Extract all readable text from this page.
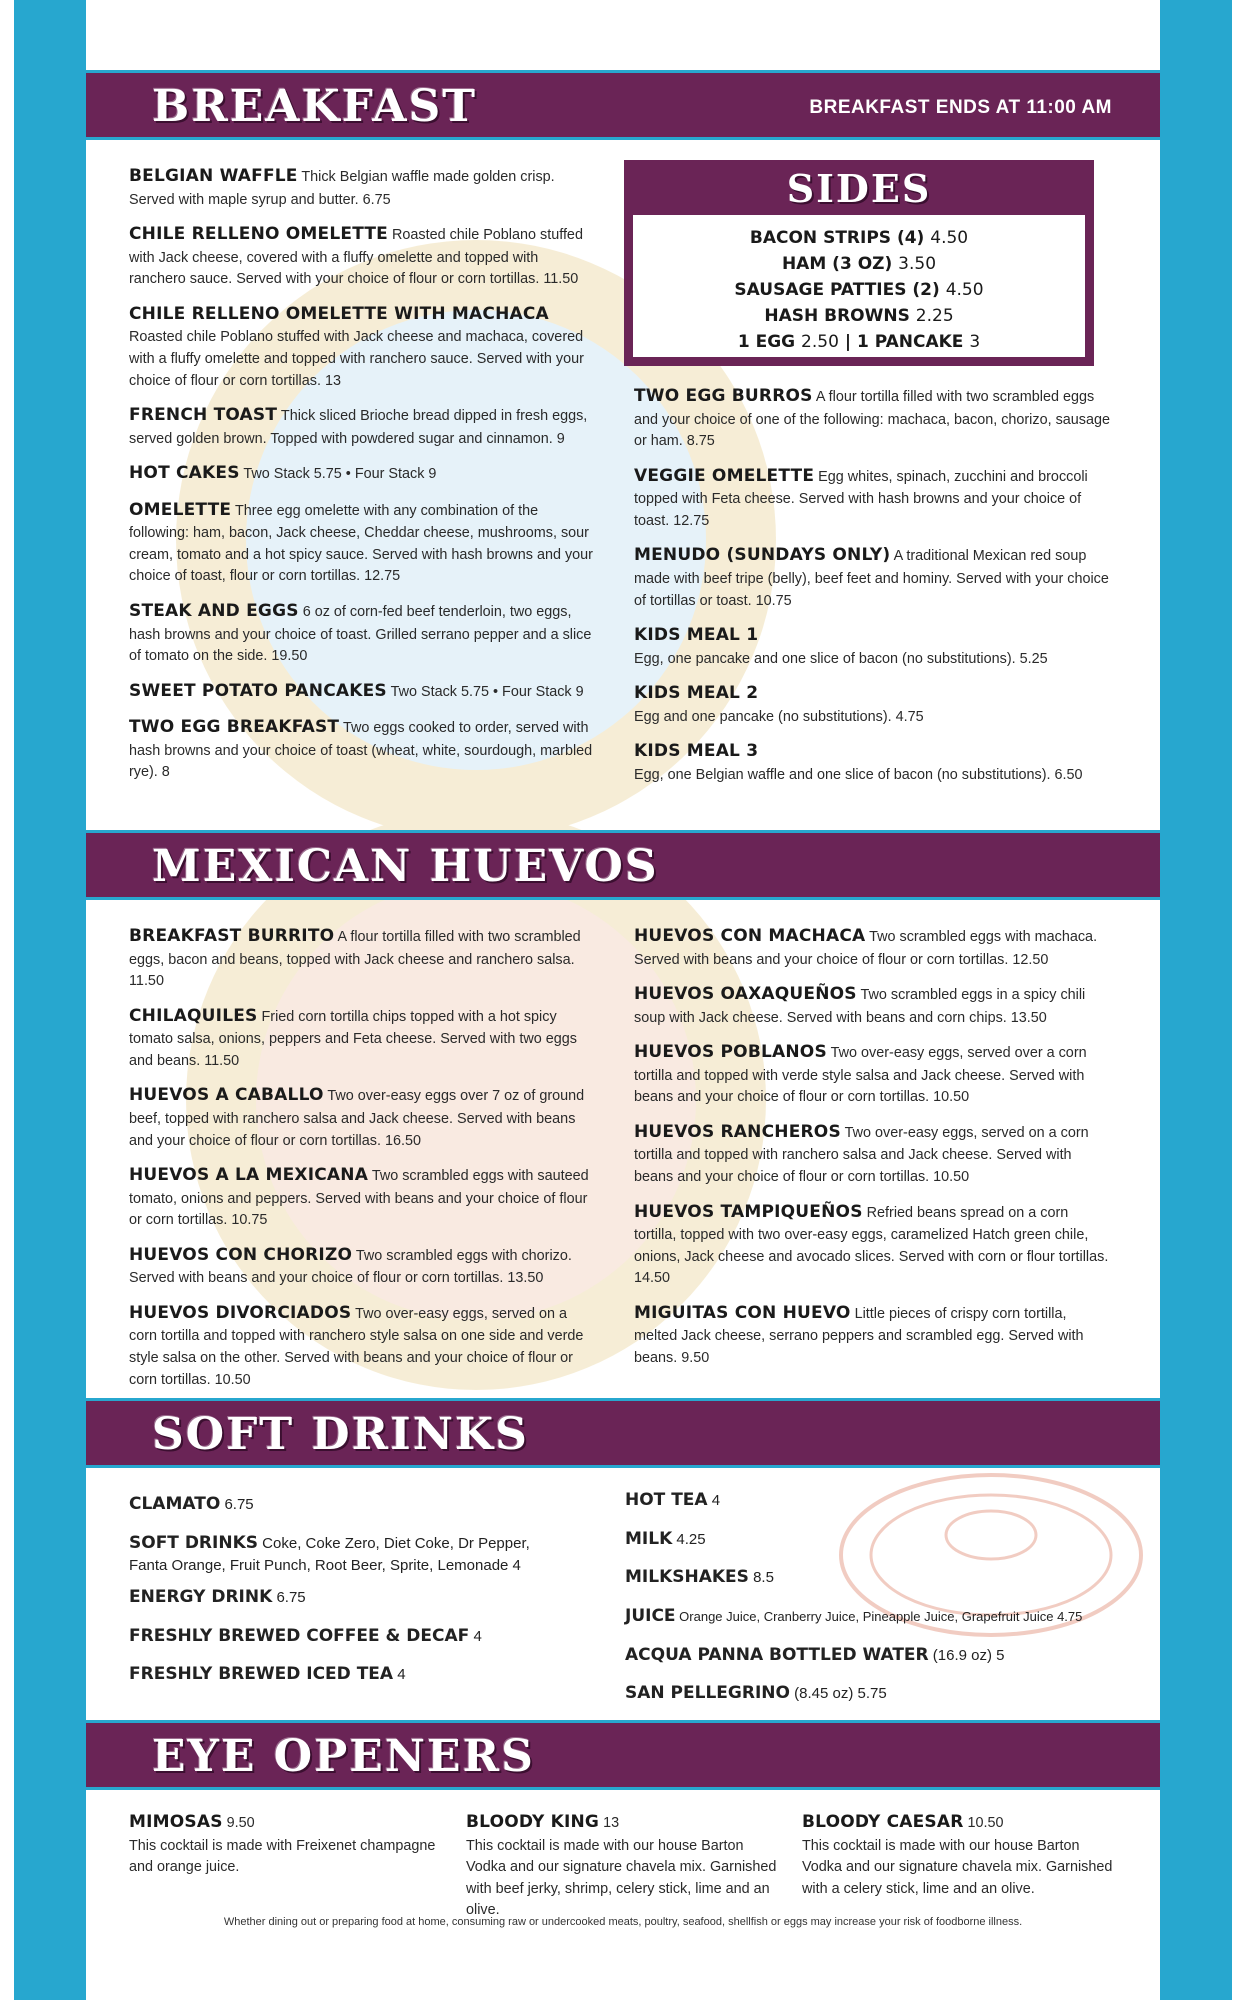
BREAKFAST	BREAKFAST ENDS AT 11:00 AM
BELGIAN WAFFLE Thick Belgian waffle made golden crisp. Served with maple syrup and butter. 6.75
CHILE RELLENO OMELETTE Roasted chile Poblano stuffed with Jack cheese, covered with a fluffy omelette and topped with ranchero sauce. Served with your choice of flour or corn tortillas. 11.50
CHILE RELLENO OMELETTE WITH MACHACA Roasted chile Poblano stuffed with Jack cheese and machaca, covered with a fluffy omelette and topped with ranchero sauce. Served with your choice of flour or corn tortillas. 13
FRENCH TOAST Thick sliced Brioche bread dipped in fresh eggs, served golden brown. Topped with powdered sugar and cinnamon. 9
HOT CAKES Two Stack 5.75 • Four Stack 9
OMELETTE Three egg omelette with any combination of the following: ham, bacon, Jack cheese, Cheddar cheese, mushrooms, sour cream, tomato and a hot spicy sauce. Served with hash browns and your choice of toast, flour or corn tortillas. 12.75
STEAK AND EGGS 6 oz of corn-fed beef tenderloin, two eggs, hash browns and your choice of toast. Grilled serrano pepper and a slice of tomato on the side. 19.50
SWEET POTATO PANCAKES Two Stack 5.75 • Four Stack 9
TWO EGG BREAKFAST Two eggs cooked to order, served with hash browns and your choice of toast (wheat, white, sourdough, marbled rye). 8
SIDES
BACON STRIPS (4) 4.50
HAM (3 OZ) 3.50
SAUSAGE PATTIES (2) 4.50
HASH BROWNS 2.25
1 EGG 2.50 | 1 PANCAKE 3
TWO EGG BURROS A flour tortilla filled with two scrambled eggs and your choice of one of the following: machaca, bacon, chorizo, sausage or ham. 8.75
VEGGIE OMELETTE Egg whites, spinach, zucchini and broccoli topped with Feta cheese. Served with hash browns and your choice of toast. 12.75
MENUDO (SUNDAYS ONLY) A traditional Mexican red soup made with beef tripe (belly), beef feet and hominy. Served with your choice of tortillas or toast. 10.75
KIDS MEAL 1
Egg, one pancake and one slice of bacon (no substitutions). 5.25
KIDS MEAL 2
Egg and one pancake (no substitutions). 4.75
KIDS MEAL 3
Egg, one Belgian waffle and one slice of bacon (no substitutions). 6.50
MEXICAN HUEVOS
BREAKFAST BURRITO A flour tortilla filled with two scrambled eggs, bacon and beans, topped with Jack cheese and ranchero salsa. 11.50
CHILAQUILES Fried corn tortilla chips topped with a hot spicy tomato salsa, onions, peppers and Feta cheese. Served with two eggs and beans. 11.50
HUEVOS A CABALLO Two over-easy eggs over 7 oz of ground beef, topped with ranchero salsa and Jack cheese. Served with beans and your choice of flour or corn tortillas. 16.50
HUEVOS A LA MEXICANA Two scrambled eggs with sauteed tomato, onions and peppers. Served with beans and your choice of flour or corn tortillas. 10.75
HUEVOS CON CHORIZO Two scrambled eggs with chorizo. Served with beans and your choice of flour or corn tortillas. 13.50
HUEVOS DIVORCIADOS Two over-easy eggs, served on a corn tortilla and topped with ranchero style salsa on one side and verde style salsa on the other. Served with beans and your choice of flour or corn tortillas. 10.50
HUEVOS CON MACHACA Two scrambled eggs with machaca. Served with beans and your choice of flour or corn tortillas. 12.50
HUEVOS OAXAQUEÑOS Two scrambled eggs in a spicy chili soup with Jack cheese. Served with beans and corn chips. 13.50
HUEVOS POBLANOS Two over-easy eggs, served over a corn tortilla and topped with verde style salsa and Jack cheese. Served with beans and your choice of flour or corn tortillas. 10.50
HUEVOS RANCHEROS Two over-easy eggs, served on a corn tortilla and topped with ranchero salsa and Jack cheese. Served with beans and your choice of flour or corn tortillas. 10.50
HUEVOS TAMPIQUEÑOS Refried beans spread on a corn tortilla, topped with two over-easy eggs, caramelized Hatch green chile, onions, Jack cheese and avocado slices. Served with corn or flour tortillas. 14.50
MIGUITAS CON HUEVO Little pieces of crispy corn tortilla, melted Jack cheese, serrano peppers and scrambled egg. Served with beans. 9.50
SOFT DRINKS
CLAMATO 6.75
SOFT DRINKS Coke, Coke Zero, Diet Coke, Dr Pepper, Fanta Orange, Fruit Punch, Root Beer, Sprite, Lemonade 4
ENERGY DRINK 6.75
FRESHLY BREWED COFFEE & DECAF 4
FRESHLY BREWED ICED TEA 4
HOT TEA 4
MILK 4.25
MILKSHAKES 8.5
JUICE Orange Juice, Cranberry Juice, Pineapple Juice, Grapefruit Juice 4.75
ACQUA PANNA BOTTLED WATER (16.9 oz) 5
SAN PELLEGRINO (8.45 oz) 5.75
EYE OPENERS
MIMOSAS 9.50
This cocktail is made with Freixenet champagne and orange juice.
BLOODY KING 13
This cocktail is made with our house Barton Vodka and our signature chavela mix. Garnished with beef jerky, shrimp, celery stick, lime and an olive.
BLOODY CAESAR 10.50
This cocktail is made with our house Barton Vodka and our signature chavela mix. Garnished with a celery stick, lime and an olive.
Whether dining out or preparing food at home, consuming raw or undercooked meats, poultry, seafood, shellfish or eggs may increase your risk of foodborne illness.
